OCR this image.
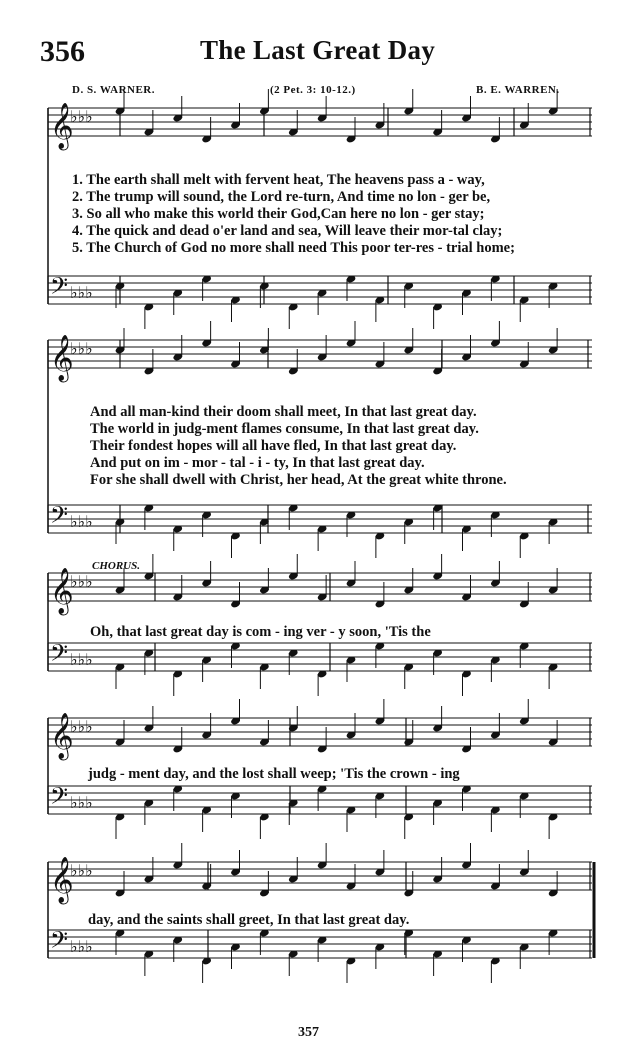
356	The Last Great Day
D. S. WARNER.	(2 Pet. 3: 10-12.)	B. E. WARREN.
1. The earth shall melt with fervent heat, The heavens pass a - way,
2. The trump will sound, the Lord re-turn, And time no lon - ger be,
3. So all who make this world their God,Can here no lon - ger stay;
4. The quick and dead o'er land and sea, Will leave their mor-tal clay;
5. The Church of God no more shall need This poor ter-res - trial home;
And all man-kind their doom shall meet, In that last great day.
The world in judg-ment flames consume, In that last great day.
Their fondest hopes will all have fled, In that last great day.
And put on im - mor - tal - i - ty, In that last great day.
For she shall dwell with Christ, her head, At the great white throne.
CHORUS.
Oh, that last great day is com - ing ver - y soon, 'Tis the
judg - ment day, and the lost shall weep; 'Tis the crown - ing
day, and the saints shall greet, In that last great day.
357
𝄞
♭♭♭
𝄢 ♭♭♭
𝄞
♭♭♭
𝄢 ♭♭♭
𝄞
♭♭♭
𝄢 ♭♭♭
𝄞
♭♭♭
𝄢 ♭♭♭
𝄞
♭♭♭
𝄢 ♭♭♭
